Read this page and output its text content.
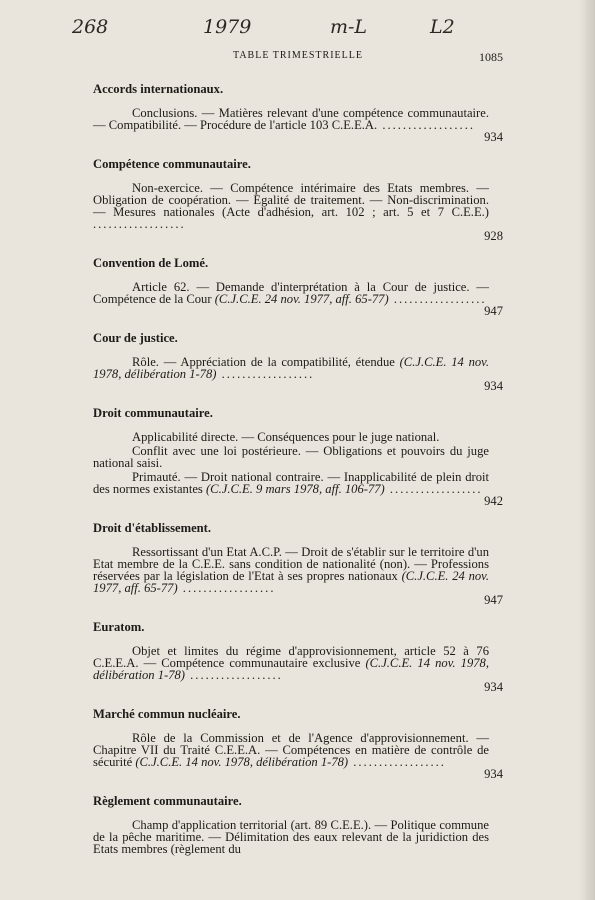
268	1979	m-L	L2
TABLE TRIMESTRIELLE	1085
Accords internationaux.

Conclusions. — Matières relevant d'une compétence communautaire. — Compatibilité. — Procédure de l'article 103 C.E.E.A. ..................

934
Compétence communautaire.

Non-exercice. — Compétence intérimaire des Etats membres. — Obligation de coopération. — Egalité de traitement. — Non-discrimination. — Mesures nationales (Acte d'adhésion, art. 102 ; art. 5 et 7 C.E.E.) ..................

928
Convention de Lomé.

Article 62. — Demande d'interprétation à la Cour de justice. — Compétence de la Cour (C.J.C.E. 24 nov. 1977, aff. 65-77) ..................

947
Cour de justice.

Rôle. — Appréciation de la compatibilité, étendue (C.J.C.E. 14 nov. 1978, délibération 1-78) ..................

934
Droit communautaire.

Applicabilité directe. — Conséquences pour le juge national.

Conflit avec une loi postérieure. — Obligations et pouvoirs du juge national saisi.

Primauté. — Droit national contraire. — Inapplicabilité de plein droit des normes existantes (C.J.C.E. 9 mars 1978, aff. 106-77) ..................

942
Droit d'établissement.

Ressortissant d'un Etat A.C.P. — Droit de s'établir sur le territoire d'un Etat membre de la C.E.E. sans condition de nationalité (non). — Professions réservées par la législation de l'Etat à ses propres nationaux (C.J.C.E. 24 nov. 1977, aff. 65-77) ..................

947
Euratom.

Objet et limites du régime d'approvisionnement, article 52 à 76 C.E.E.A. — Compétence communautaire exclusive (C.J.C.E. 14 nov. 1978, délibération 1-78) ..................

934
Marché commun nucléaire.

Rôle de la Commission et de l'Agence d'approvisionnement. — Chapitre VII du Traité C.E.E.A. — Compétences en matière de contrôle de sécurité (C.J.C.E. 14 nov. 1978, délibération 1-78) ..................

934
Règlement communautaire.

Champ d'application territorial (art. 89 C.E.E.). — Politique commune de la pêche maritime. — Délimitation des eaux relevant de la juridiction des Etats membres (règlement du
